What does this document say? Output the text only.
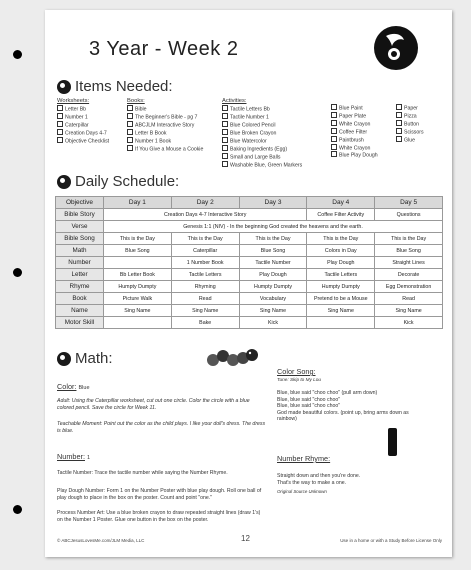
3 Year - Week 2
Items Needed:
Worksheets:
Letter Bb
Number 1
Caterpillar
Creation Days 4-7
Objective Checklist
Books:
Bible
The Beginner's Bible - pg 7
ABCJLM Interactive Story
Letter B Book
Number 1 Book
If You Give a Mouse a Cookie
Activities:
Tactile Letters Bb
Tactile Number 1
Blue Colored Pencil
Blue Broken Crayon
Blue Watercolor
Baking Ingredients (Egg)
Small and Large Balls
Washable Blue, Green Markers
Blue Paint
Paper Plate
White Crayon
Coffee Filter
Paintbrush
White Crayon
Blue Play Dough
Paper
Pizza
Button
Scissors
Glue
Daily Schedule:
Objective	Day 1	Day 2	Day 3	Day 4	Day 5
Bible Story	Creation Days 4-7 Interactive Story			Coffee Filter Activity	Questions
Verse	Genesis 1:1 (NIV) - In the beginning God created the heavens and the earth.				
Bible Song	This is the Day	This is the Day	This is the Day	This is the Day	This is the Day
Math	Blue Song	Caterpillar	Blue Song	Colors in Day	Blue Song
Number		1 Number Book	Tactile Number	Play Dough	Straight Lines
Letter	Bb Letter Book	Tactile Letters	Play Dough	Tactile Letters	Decorate
Rhyme	Humpty Dumpty	Rhyming	Humpty Dumpty	Humpty Dumpty	Egg Demonstration
Book	Picture Walk	Read	Vocabulary	Pretend to be a Mouse	Read
Name	Sing Name	Sing Name	Sing Name	Sing Name	Sing Name
Motor Skill		Bake	Kick		Kick
Math:
Color: Blue
Adult: Using the Caterpillar worksheet, cut out one circle. Color the circle with a blue colored pencil. Save the circle for Week 11.
Teachable Moment: Point out the color as the child plays. I like your doll's dress. The dress is blue.
Number: 1
Tactile Number: Trace the tactile number while saying the Number Rhyme.
Play Dough Number: Form 1 on the Number Poster with blue play dough. Roll one ball of play dough to place in the box on the poster. Count and point "one."
Process Number Art: Use a blue broken crayon to draw repeated straight lines (draw 1's) on the Number 1 Poster. Glue one button in the box on the poster.
Color Song:
Tune: Skip to My Lou
Blue, blue said "choo choo" (pull arm down)
Blue, blue said "choo choo"
Blue, blue said "choo choo"
God made beautiful colors. (point up, bring arms down as rainbow)
Number Rhyme:
Straight down and then you're done.
That's the way to make a one.
Original Source Unknown
© ABCJesusLovesMe.com/JLM Media, LLC	12	Use in a home or with a Study Before License Only
